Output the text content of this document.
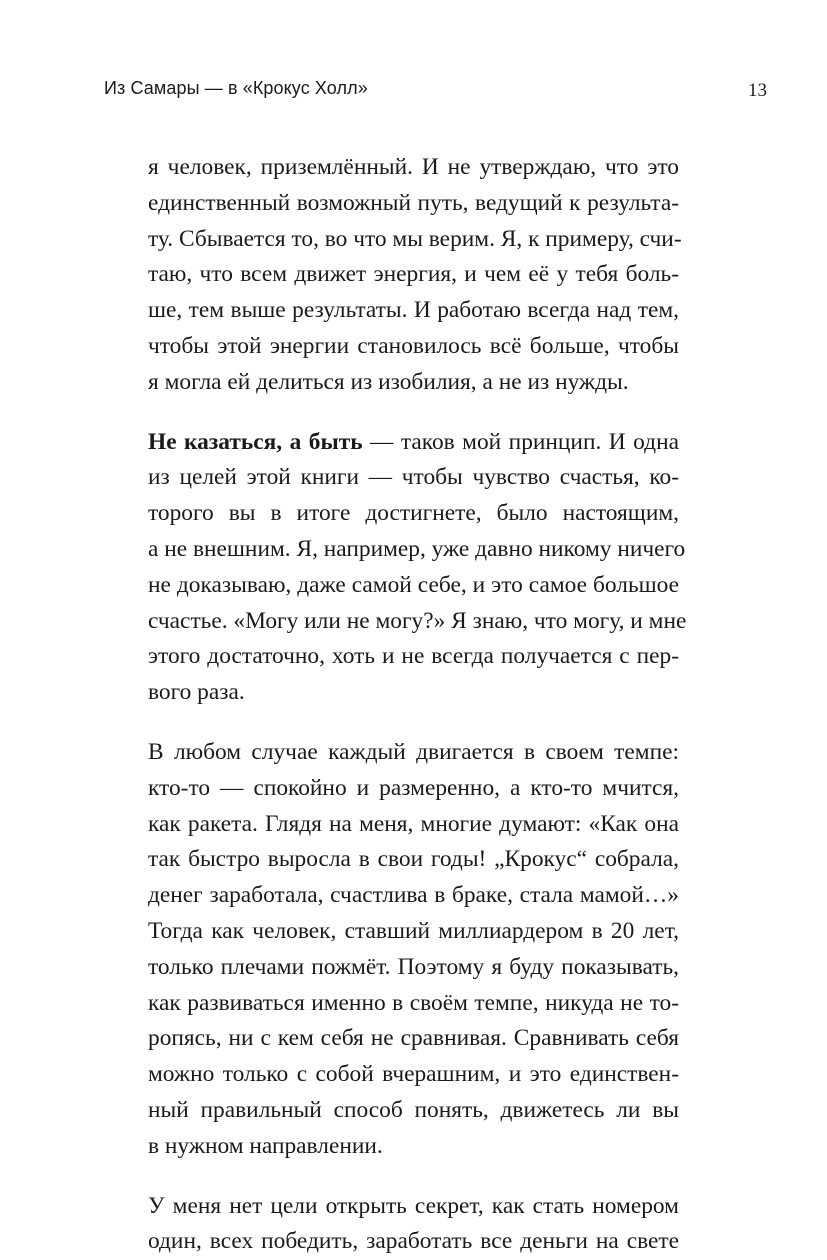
Из Самары — в «Крокус Холл»	13
я человек, приземлённый. И не утверждаю, что это
единственный возможный путь, ведущий к результа-
ту. Сбывается то, во что мы верим. Я, к примеру, счи-
таю, что всем движет энергия, и чем её у тебя боль-
ше, тем выше результаты. И работаю всегда над тем,
чтобы этой энергии становилось всё больше, чтобы
я могла ей делиться из изобилия, а не из нужды.
Не казаться, а быть — таков мой принцип. И одна
из целей этой книги — чтобы чувство счастья, ко-
торого вы в итоге достигнете, было настоящим,
а не внешним. Я, например, уже давно никому ничего
не доказываю, даже самой себе, и это самое большое
счастье. «Могу или не могу?» Я знаю, что могу, и мне
этого достаточно, хоть и не всегда получается с пер-
вого раза.
В любом случае каждый двигается в своем темпе:
кто-то — спокойно и размеренно, а кто-то мчится,
как ракета. Глядя на меня, многие думают: «Как она
так быстро выросла в свои годы! „Крокус“ собрала,
денег заработала, счастлива в браке, стала мамой…»
Тогда как человек, ставший миллиардером в 20 лет,
только плечами пожмёт. Поэтому я буду показывать,
как развиваться именно в своём темпе, никуда не то-
ропясь, ни с кем себя не сравнивая. Сравнивать себя
можно только с собой вчерашним, и это единствен-
ный правильный способ понять, движетесь ли вы
в нужном направлении.
У меня нет цели открыть секрет, как стать номером
один, всех победить, заработать все деньги на свете
